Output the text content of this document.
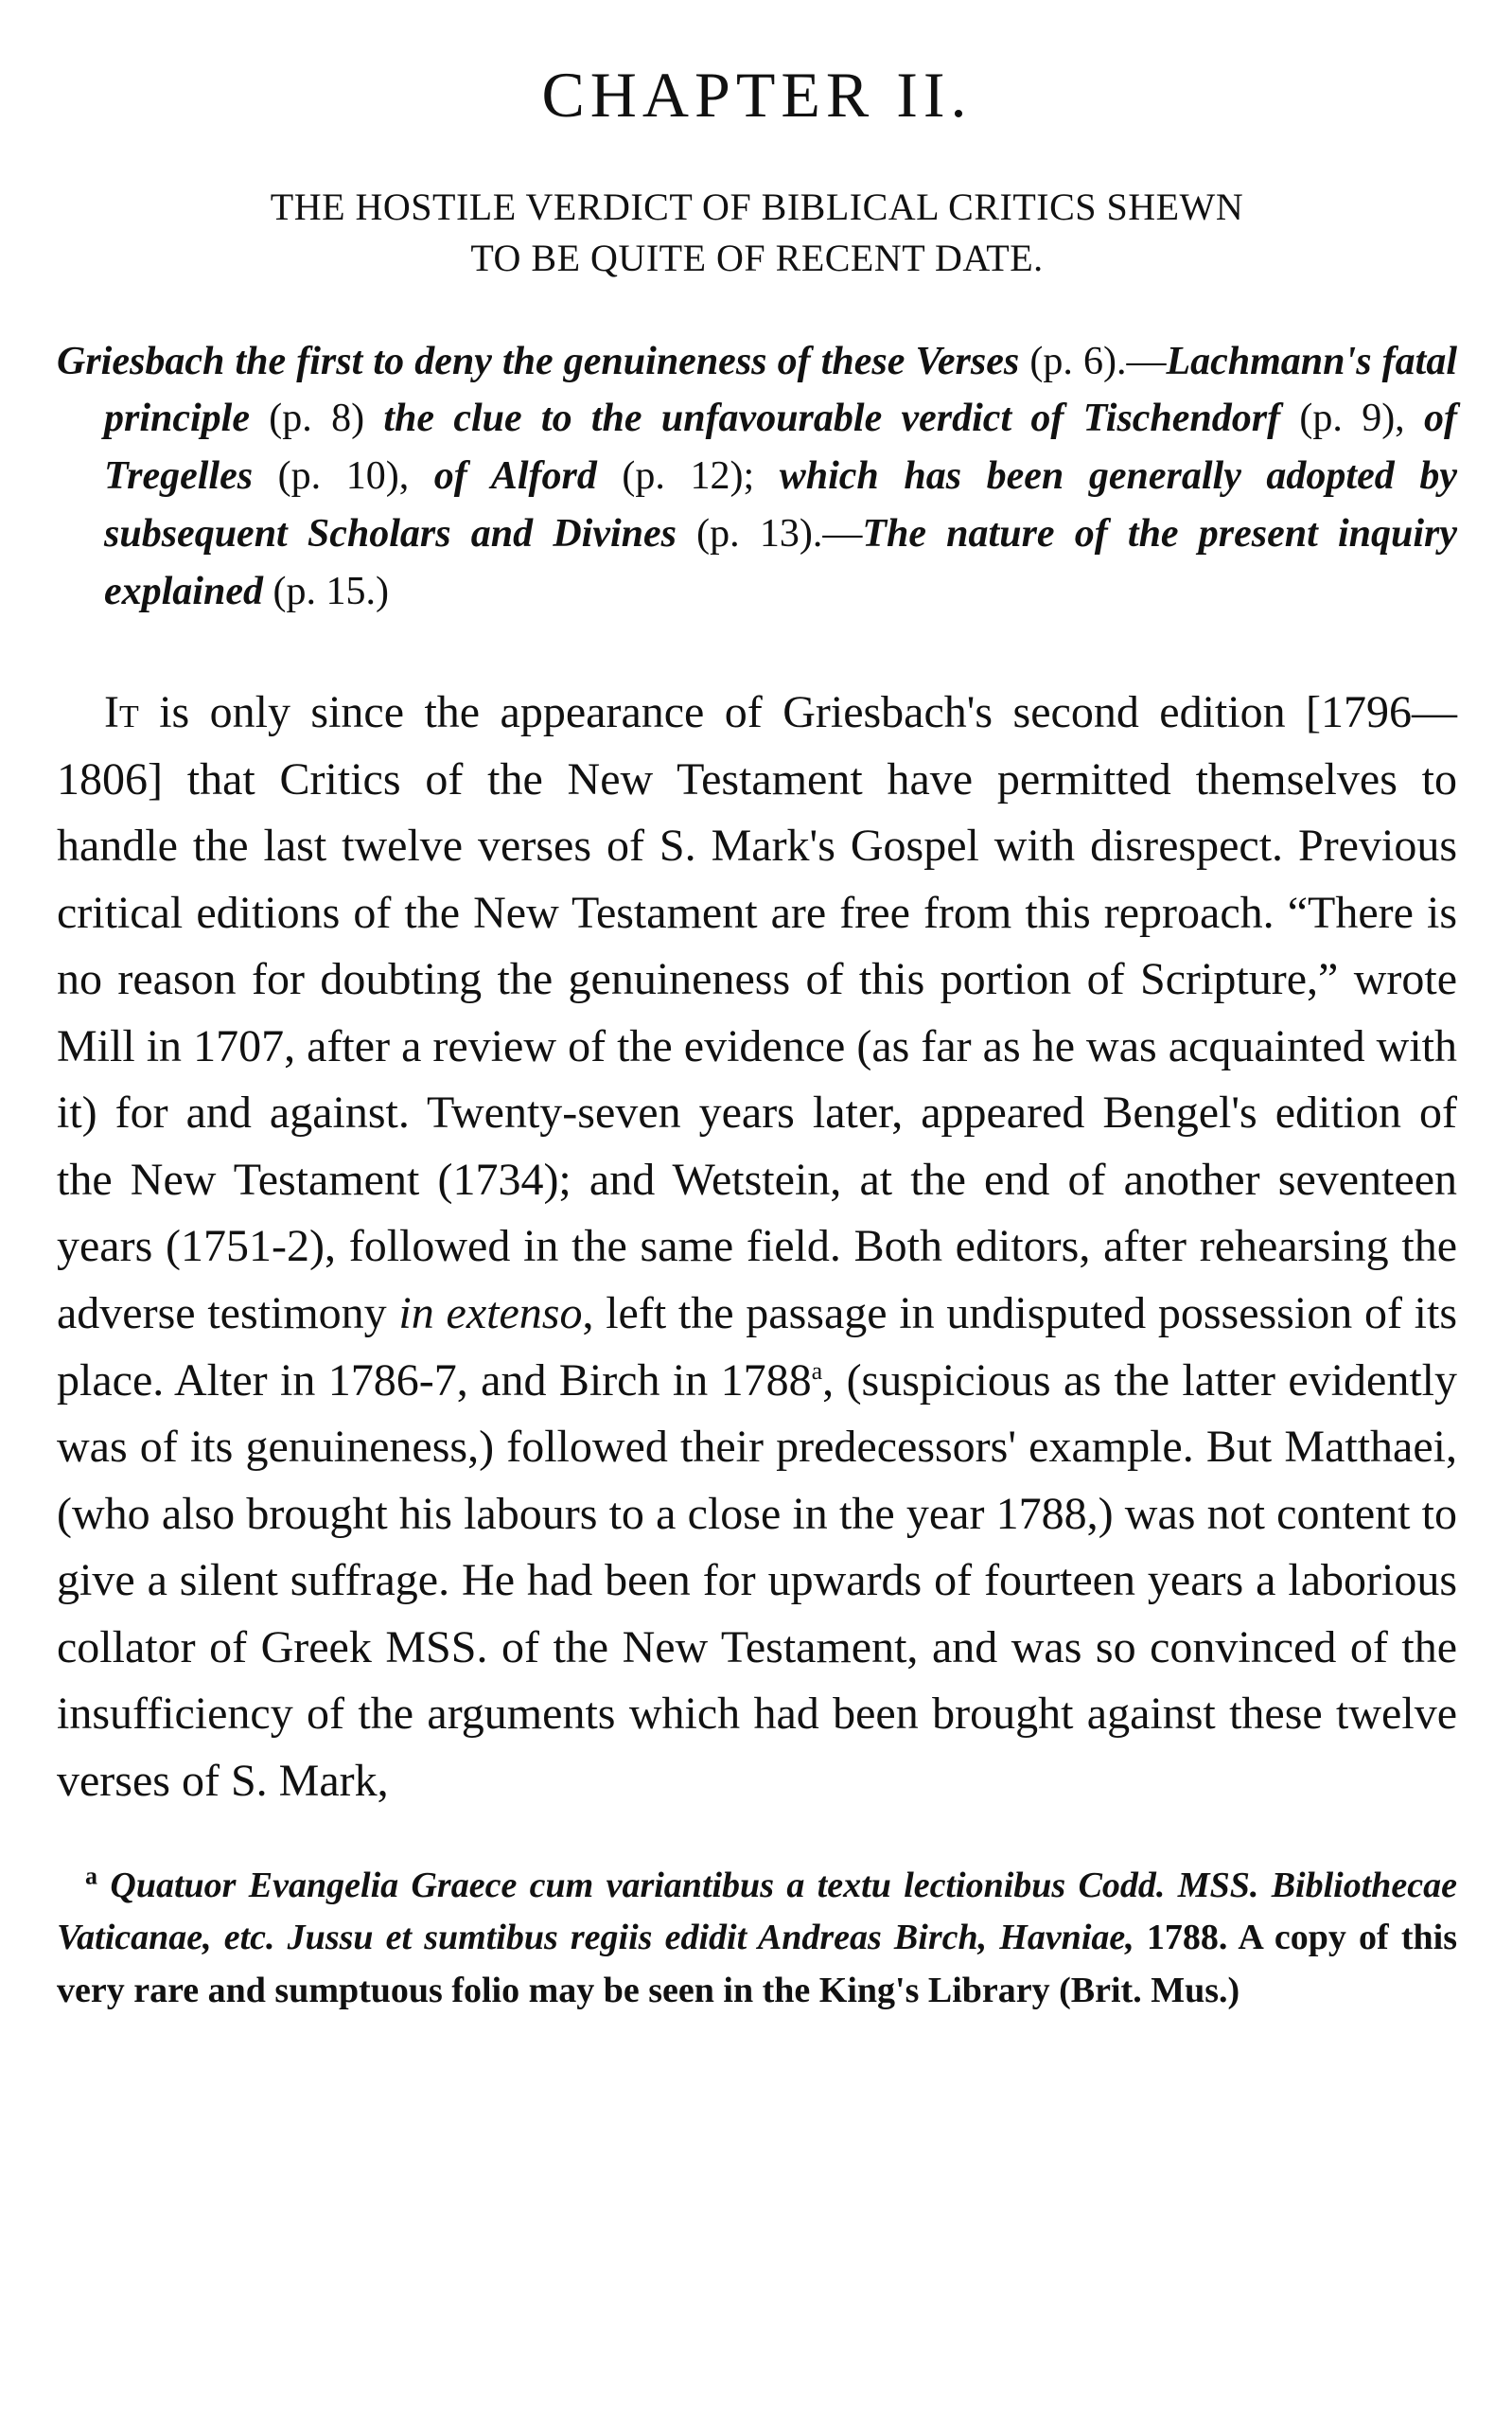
CHAPTER II.
THE HOSTILE VERDICT OF BIBLICAL CRITICS SHEWN
TO BE QUITE OF RECENT DATE.
Griesbach the first to deny the genuineness of these Verses (p. 6).—Lachmann's fatal principle (p. 8) the clue to the unfavourable verdict of Tischendorf (p. 9), of Tregelles (p. 10), of Alford (p. 12); which has been generally adopted by subsequent Scholars and Divines (p. 13).—The nature of the present inquiry explained (p. 15.)

It is only since the appearance of Griesbach's second edition [1796—1806] that Critics of the New Testament have permitted themselves to handle the last twelve verses of S. Mark's Gospel with disrespect. Previous critical editions of the New Testament are free from this reproach. “There is no reason for doubting the genuineness of this portion of Scripture,” wrote Mill in 1707, after a review of the evidence (as far as he was acquainted with it) for and against. Twenty-seven years later, appeared Bengel's edition of the New Testament (1734); and Wetstein, at the end of another seventeen years (1751-2), followed in the same field. Both editors, after rehearsing the adverse testimony in extenso, left the passage in undisputed possession of its place. Alter in 1786-7, and Birch in 1788$^a$, (suspicious as the latter evidently was of its genuineness,) followed their predecessors' example. But Matthaei, (who also brought his labours to a close in the year 1788,) was not content to give a silent suffrage. He had been for upwards of fourteen years a laborious collator of Greek MSS. of the New Testament, and was so convinced of the insufficiency of the arguments which had been brought against these twelve verses of S. Mark,

$^a$ Quatuor Evangelia Graece cum variantibus a textu lectionibus Codd. MSS. Bibliothecae Vaticanae, etc. Jussu et sumtibus regiis edidit Andreas Birch, Havniae, 1788. A copy of this very rare and sumptuous folio may be seen in the King's Library (Brit. Mus.)
